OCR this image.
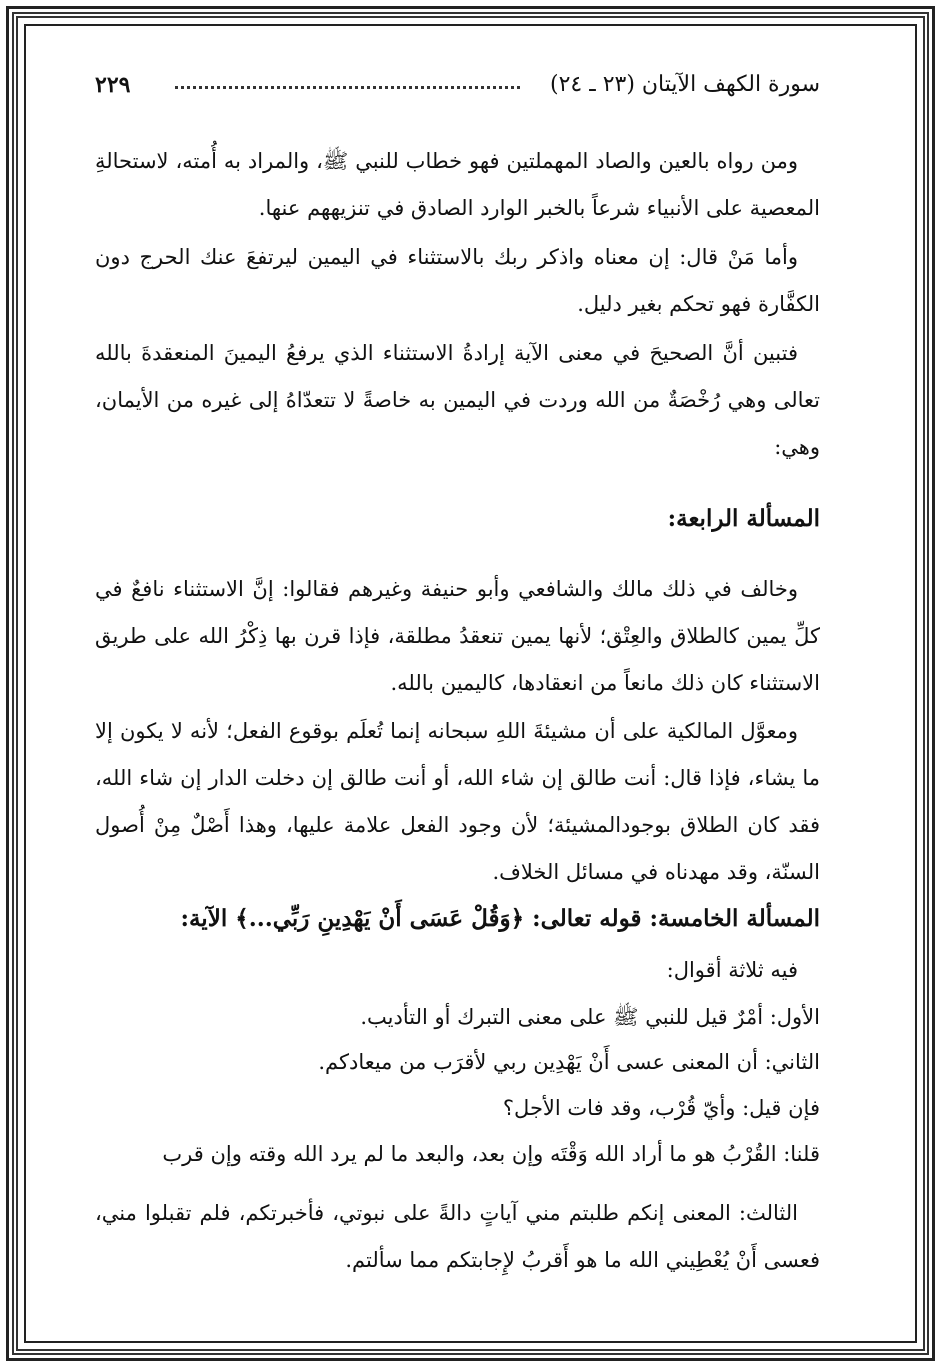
سورة الكهف الآيتان (٢٣ ـ ٢٤)
٢٢٩

ومن رواه بالعين والصاد المهملتين فهو خطاب للنبي ﷺ، والمراد به أُمته، لاستحالةِ المعصية على الأنبياء شرعاً بالخبر الوارد الصادق في تنزيههم عنها.

وأما مَنْ قال: إن معناه واذكر ربك بالاستثناء في اليمين ليرتفعَ عنك الحرج دون الكفَّارة فهو تحكم بغير دليل.

فتبين أنَّ الصحيحَ في معنى الآية إرادةُ الاستثناء الذي يرفعُ اليمينَ المنعقدةَ بالله تعالى وهي رُخْصَةٌ من الله وردت في اليمين به خاصةً لا تتعدّاهُ إلى غيره من الأيمان، وهي:

المسألة الرابعة:

وخالف في ذلك مالك والشافعي وأبو حنيفة وغيرهم فقالوا: إنَّ الاستثناء نافعٌ في كلِّ يمين كالطلاق والعِتْق؛ لأنها يمين تنعقدُ مطلقة، فإذا قرن بها ذِكْرُ الله على طريق الاستثناء كان ذلك مانعاً من انعقادها، كاليمين بالله.

ومعوَّل المالكية على أن مشيئةَ اللهِ سبحانه إنما تُعلَم بوقوع الفعل؛ لأنه لا يكون إلا ما يشاء، فإذا قال: أنت طالق إن شاء الله، أو أنت طالق إن دخلت الدار إن شاء الله، فقد كان الطلاق بوجودالمشيئة؛ لأن وجود الفعل علامة عليها، وهذا أَصْلٌ مِنْ أُصول السنّة، وقد مهدناه في مسائل الخلاف.

المسألة الخامسة: قوله تعالى: ﴿وَقُلْ عَسَى أَنْ يَهْدِينِ رَبِّي...﴾ الآية:
فيه ثلاثة أقوال:
الأول: أمْرٌ قيل للنبي ﷺ على معنى التبرك أو التأديب.
الثاني: أن المعنى عسى أَنْ يَهْدِين ربي لأقرَب من ميعادكم.
فإن قيل: وأيّ قُرْب، وقد فات الأجل؟
قلنا: القُرْبُ هو ما أراد الله وَقْتَه وإن بعد، والبعد ما لم يرد الله وقته وإن قرب

الثالث: المعنى إنكم طلبتم مني آياتٍ دالةً على نبوتي، فأخبرتكم، فلم تقبلوا مني، فعسى أَنْ يُعْطِيني الله ما هو أَقربُ لإِجابتكم مما سألتم.
